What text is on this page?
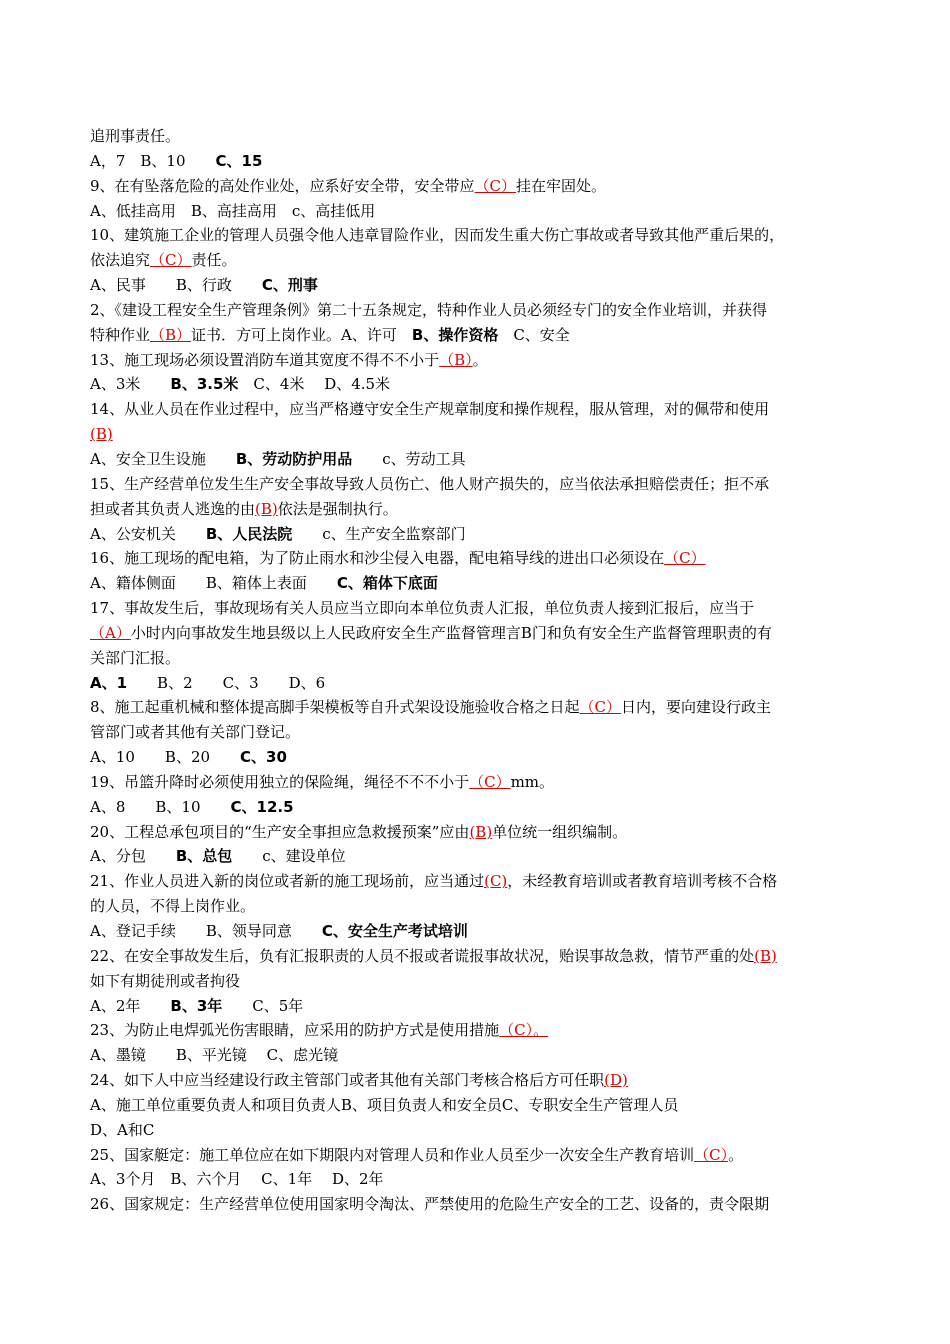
追刑事责任。
A，7　B、10　　C、15
9、在有坠落危险的高处作业处，应系好安全带，安全带应（C）挂在牢固处。
A、低挂高用　B、高挂高用　c、高挂低用
10、建筑施工企业的管理人员强令他人违章冒险作业，因而发生重大伤亡事故或者导致其他严重后果的，
依法追究（C）责任。
A、民事　　B、行政　　C、刑事
2、《建设工程安全生产管理条例》第二十五条规定，特种作业人员必须经专门的安全作业培训，并获得
特种作业（B）证书．方可上岗作业。A、许可　B、操作资格　C、安全
13、施工现场必须设置消防车道其宽度不得不不小于（B）。
A、3米　　B、3.5米　C、4米　 D、4.5米
14、从业人员在作业过程中，应当严格遵守安全生产规章制度和操作规程，服从管理，对的佩带和使用
(B)
A、安全卫生设施　　B、劳动防护用品　　c、劳动工具
15、生产经营单位发生生产安全事故导致人员伤亡、他人财产损失的，应当依法承担赔偿责任；拒不承
担或者其负责人逃逸的由(B)依法是强制执行。
A、公安机关　　B、人民法院　　c、生产安全监察部门
16、施工现场的配电箱，为了防止雨水和沙尘侵入电器，配电箱导线的进出口必须设在（C）
A、籍体侧面　　B、箱体上表面　　C、箱体下底面
17、事故发生后，事故现场有关人员应当立即向本单位负责人汇报，单位负责人接到汇报后，应当于
（A）小时内向事故发生地县级以上人民政府安全生产监督管理言B门和负有安全生产监督管理职责的有
关部门汇报。
A、1　　B、2　　C、3　　D、6
8、施工起重机械和整体提高脚手架模板等自升式架设设施验收合格之日起（C）日内，要向建设行政主
管部门或者其他有关部门登记。
A、10　　B、20　　C、30
19、吊篮升降时必须使用独立的保险绳，绳径不不不小于（C）mm。
A、8　　B、10　　C、12.5
20、工程总承包项目的“生产安全事担应急救援预案”应由(B)单位统一组织编制。
A、分包　　B、总包　　c、建设单位
21、作业人员进入新的岗位或者新的施工现场前，应当通过(C)，未经教育培训或者教育培训考核不合格
的人员，不得上岗作业。
A、登记手续　　B、领导同意　　C、安全生产考试培训
22、在安全事故发生后，负有汇报职责的人员不报或者谎报事故状况，贻误事故急救，情节严重的处(B)
如下有期徒刑或者拘役
A、2年　　B、3年　　C、5年
23、为防止电焊弧光伤害眼睛，应采用的防护方式是使用措施（C）。
A、墨镜　　B、平光镜　 C、虑光镜
24、如下人中应当经建设行政主管部门或者其他有关部门考核合格后方可任职(D)
A、施工单位重要负责人和项目负责人B、项目负责人和安全员C、专职安全生产管理人员
D、A和C
25、国家艇定：施工单位应在如下期限内对管理人员和作业人员至少一次安全生产教育培训（C）。
A、3个月　B、六个月　 C、1年　 D、2年
26、国家规定：生产经营单位使用国家明令淘汰、严禁使用的危险生产安全的工艺、设备的，责令限期
